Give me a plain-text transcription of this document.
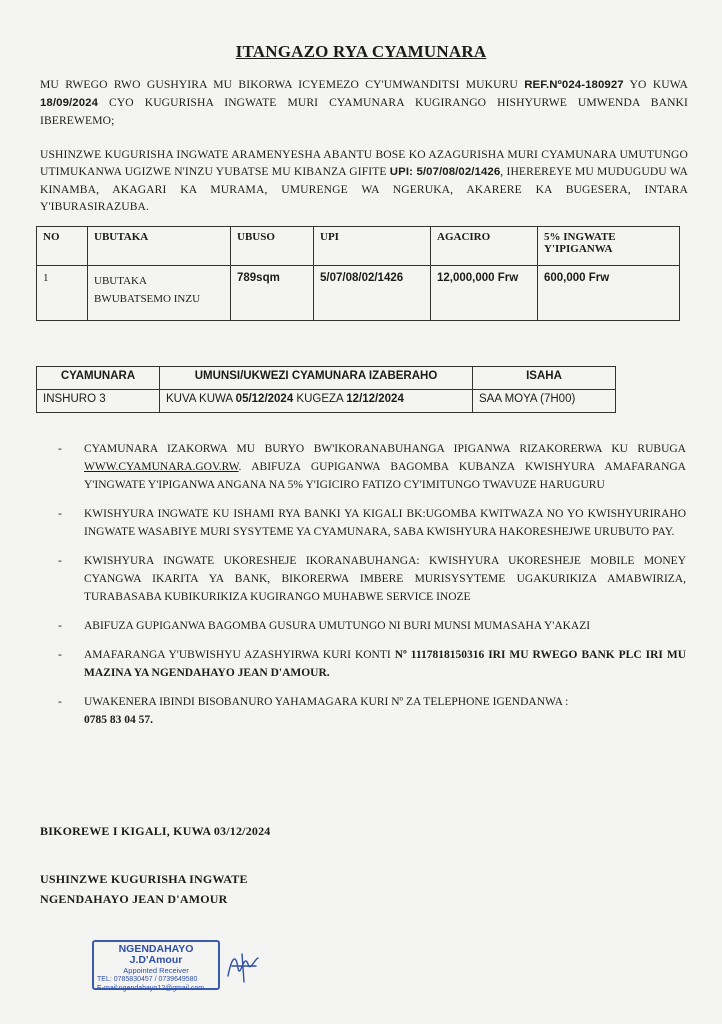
ITANGAZO RYA CYAMUNARA
MU RWEGO RWO GUSHYIRA MU BIKORWA ICYEMEZO CY'UMWANDITSI MUKURU REF.Nº024-180927 YO KUWA 18/09/2024 CYO KUGURISHA INGWATE MURI CYAMUNARA KUGIRANGO HISHYURWE UMWENDA BANKI IBEREWEMO;
USHINZWE KUGURISHA INGWATE ARAMENYESHA ABANTU BOSE KO AZAGURISHA MURI CYAMUNARA UMUTUNGO UTIMUKANWA UGIZWE N'INZU YUBATSE MU KIBANZA GIFITE UPI: 5/07/08/02/1426, IHEREREYE MU MUDUGUDU WA KINAMBA, AKAGARI KA MURAMA, UMURENGE WA NGERUKA, AKARERE KA BUGESERA, INTARA Y'IBURASIRAZUBA.
NO	UBUTAKA	UBUSO	UPI	AGACIRO	5% INGWATE Y'IPIGANWA
1	UBUTAKA BWUBATSEMO INZU	789sqm	5/07/08/02/1426	12,000,000 Frw	600,000 Frw
CYAMUNARA	UMUNSI/UKWEZI CYAMUNARA IZABERAHO	ISAHA
INSHURO 3	KUVA KUWA 05/12/2024 KUGEZA 12/12/2024	SAA MOYA (7H00)
- CYAMUNARA IZAKORWA MU BURYO BW'IKORANABUHANGA IPIGANWA RIZAKORERWA KU RUBUGA WWW.CYAMUNARA.GOV.RW. ABIFUZA GUPIGANWA BAGOMBA KUBANZA KWISHYURA AMAFARANGA Y'INGWATE Y'IPIGANWA ANGANA NA 5% Y'IGICIRO FATIZO CY'IMITUNGO TWAVUZE HARUGURU
- KWISHYURA INGWATE KU ISHAMI RYA BANKI YA KIGALI BK:UGOMBA KWITWAZA NO YO KWISHYURIRAHO INGWATE WASABIYE MURI SYSYTEME YA CYAMUNARA, SABA KWISHYURA HAKORESHEJWE URUBUTO PAY.
- KWISHYURA INGWATE UKORESHEJE IKORANABUHANGA: KWISHYURA UKORESHEJE MOBILE MONEY CYANGWA IKARITA YA BANK, BIKORERWA IMBERE MURISYSYTEME UGAKURIKIZA AMABWIRIZA, TURABASABA KUBIKURIKIZA KUGIRANGO MUHABWE SERVICE INOZE
- ABIFUZA GUPIGANWA BAGOMBA GUSURA UMUTUNGO NI BURI MUNSI MUMASAHA Y'AKAZI
- AMAFARANGA Y'UBWISHYU AZASHYIRWA KURI KONTI Nº 1117818150316 IRI MU RWEGO BANK PLC IRI MU MAZINA YA NGENDAHAYO JEAN D'AMOUR.
- UWAKENERA IBINDI BISOBANURO YAHAMAGARA KURI Nº ZA TELEPHONE IGENDANWA :
0785 83 04 57.
BIKOREWE I KIGALI, KUWA 03/12/2024
USHINZWE KUGURISHA INGWATE
NGENDAHAYO JEAN D'AMOUR
NGENDAHAYO J.D'Amour
Appointed Receiver
TEL: 0785830457 / 0739649580
E-mail:ngendahayo12@gmail.com
